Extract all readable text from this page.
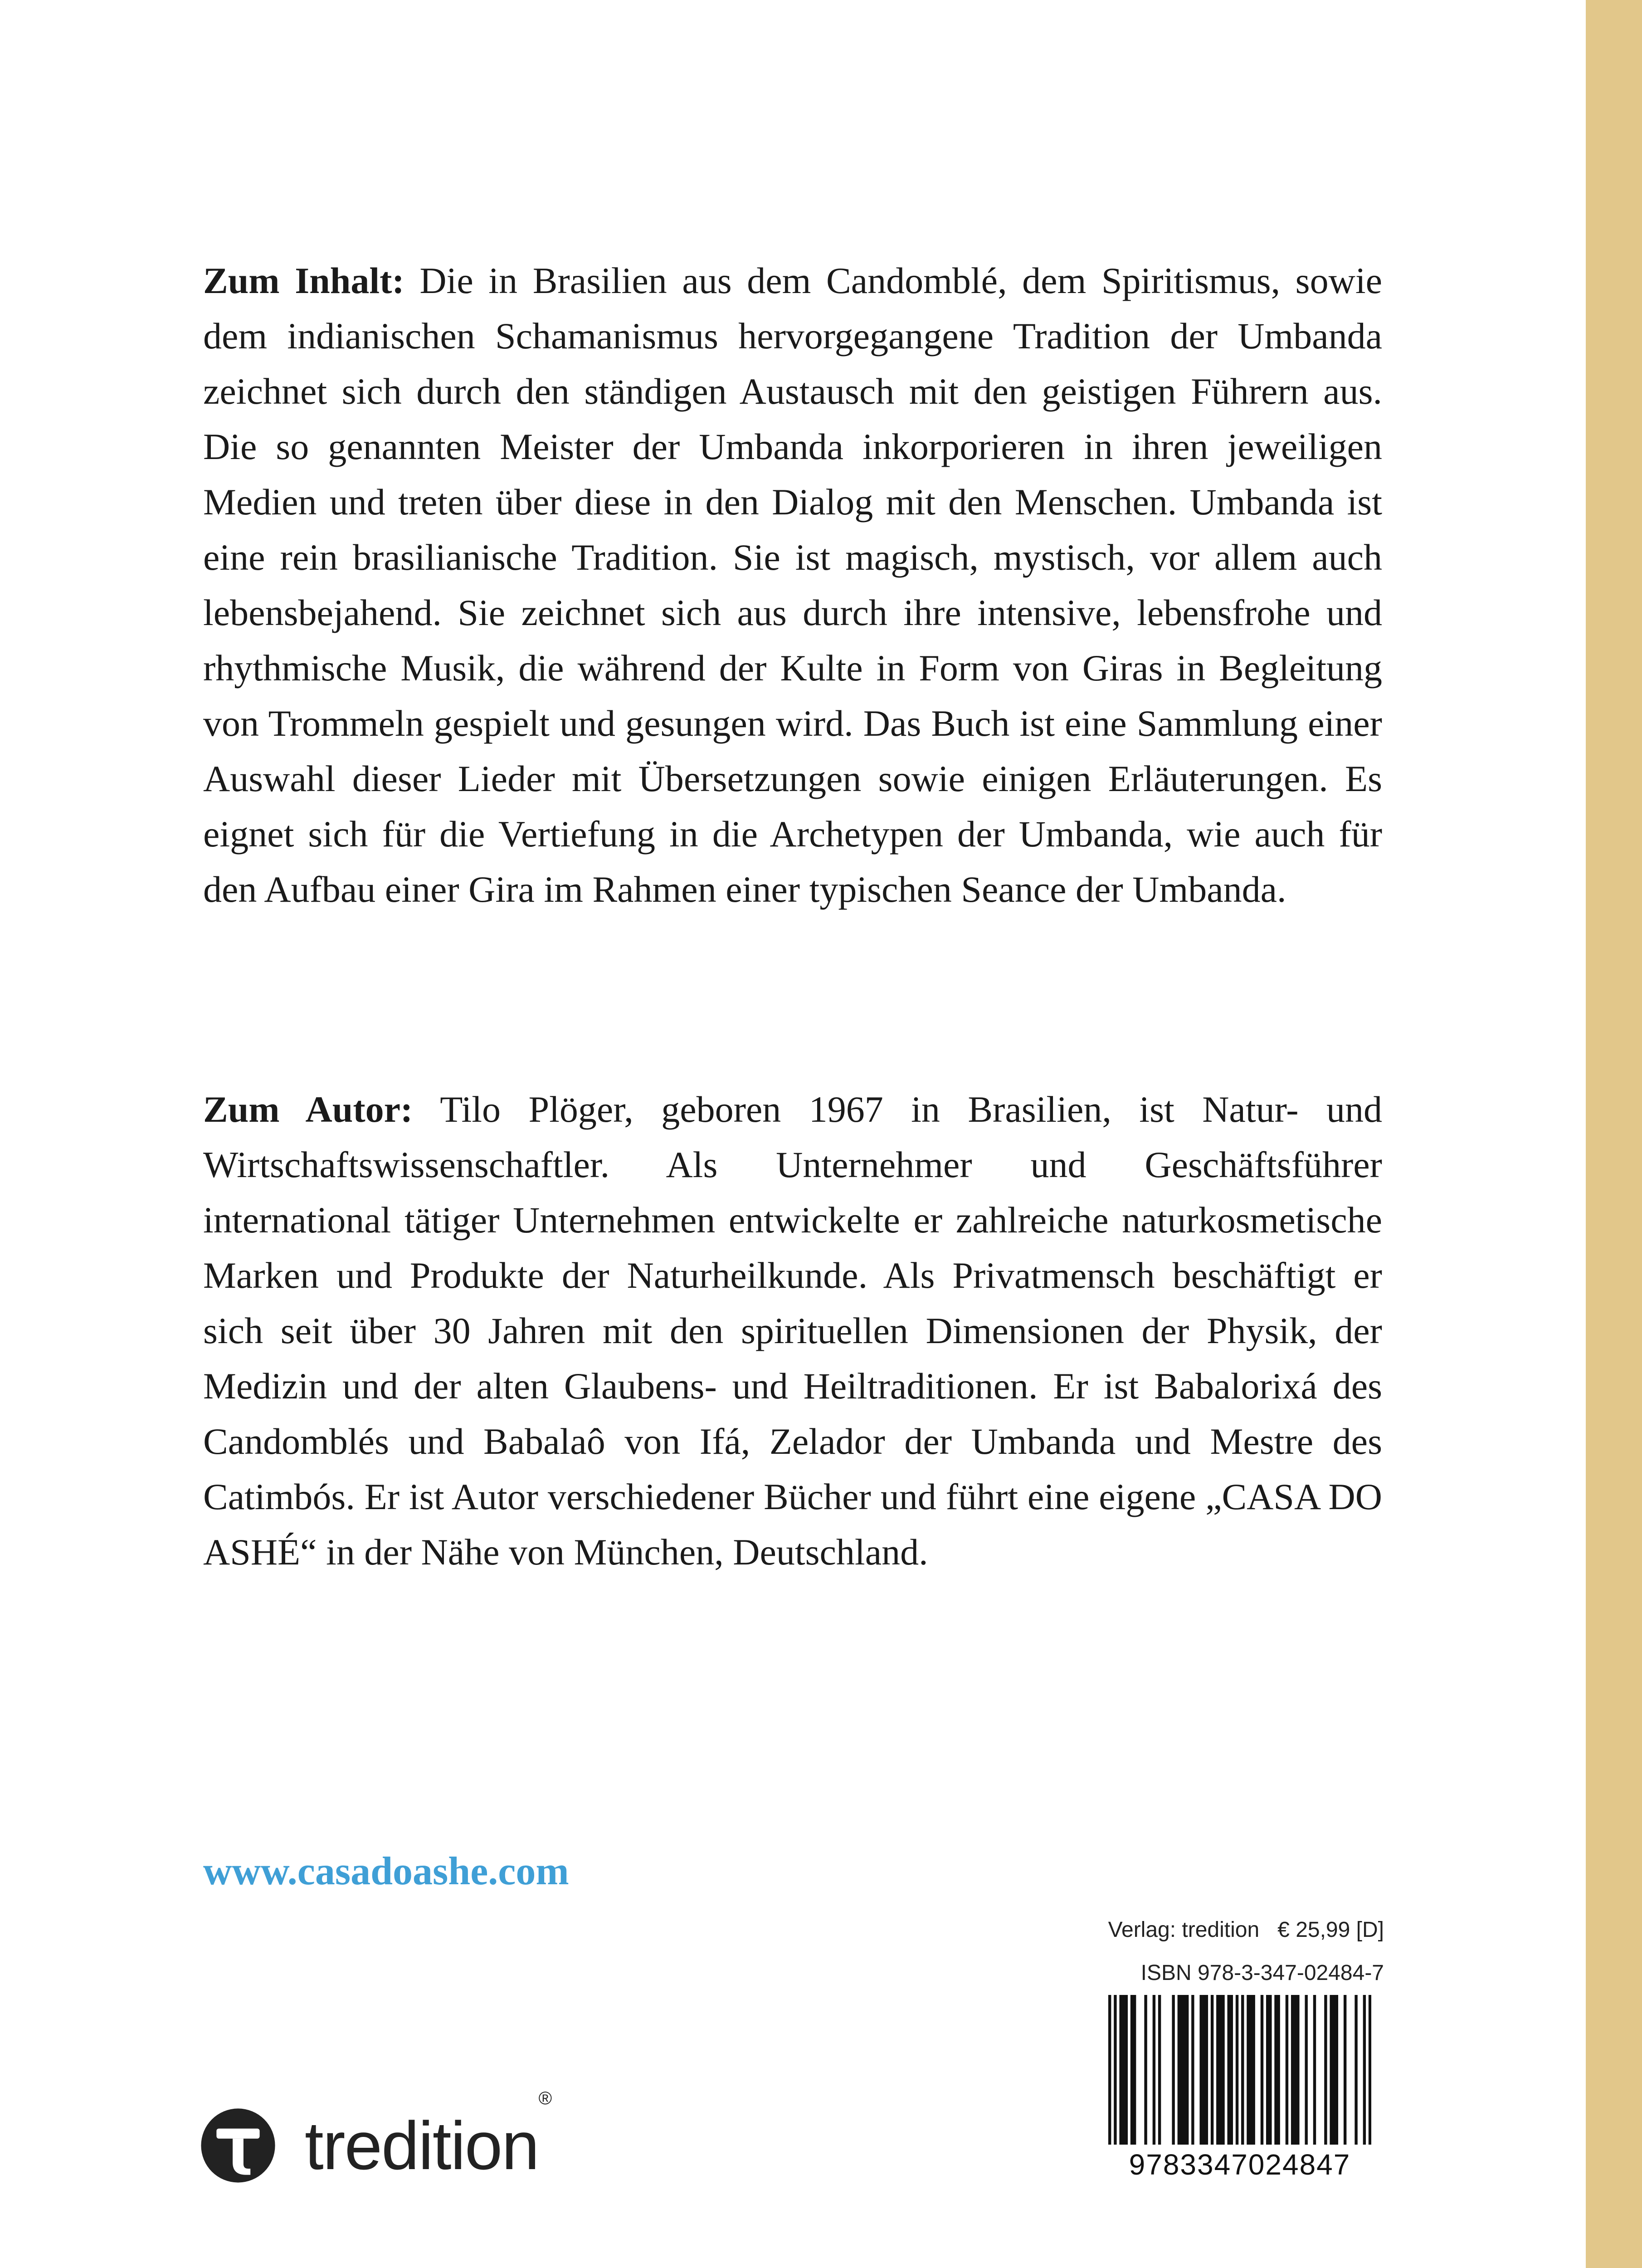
Zum Inhalt: Die in Brasilien aus dem Candomblé, dem Spiritismus, sowie dem indianischen Schamanismus hervorgegangene Tradition der Umbanda zeichnet sich durch den ständigen Austausch mit den geistigen Führern aus. Die so genannten Meister der Umbanda inkorporieren in ihren jeweiligen Medien und treten über diese in den Dialog mit den Menschen. Umbanda ist eine rein brasilianische Tradition. Sie ist magisch, mystisch, vor allem auch lebensbejahend. Sie zeichnet sich aus durch ihre intensive, lebensfrohe und rhythmische Musik, die während der Kulte in Form von Giras in Begleitung von Trommeln gespielt und gesungen wird. Das Buch ist eine Sammlung einer Auswahl dieser Lieder mit Übersetzungen sowie einigen Erläuterungen. Es eignet sich für die Vertiefung in die Archetypen der Umbanda, wie auch für den Aufbau einer Gira im Rahmen einer typischen Seance der Umbanda.

Zum Autor: Tilo Plöger, geboren 1967 in Brasilien, ist Natur- und Wirtschaftswissenschaftler. Als Unternehmer und Geschäftsführer international tätiger Unternehmen entwickelte er zahlreiche naturkosmetische Marken und Produkte der Naturheilkunde. Als Privatmensch beschäftigt er sich seit über 30 Jahren mit den spirituellen Dimensionen der Physik, der Medizin und der alten Glaubens- und Heiltraditionen. Er ist Babalorixá des Candomblés und Babalaô von Ifá, Zelador der Umbanda und Mestre des Catimbós. Er ist Autor verschiedener Bücher und führt eine eigene „CASA DO ASHÉ“ in der Nähe von München, Deutschland.

www.casadoashe.com
Verlag: tredition   € 25,99 [D]
ISBN 978-3-347-02484-7
9783347024847
tredition®
